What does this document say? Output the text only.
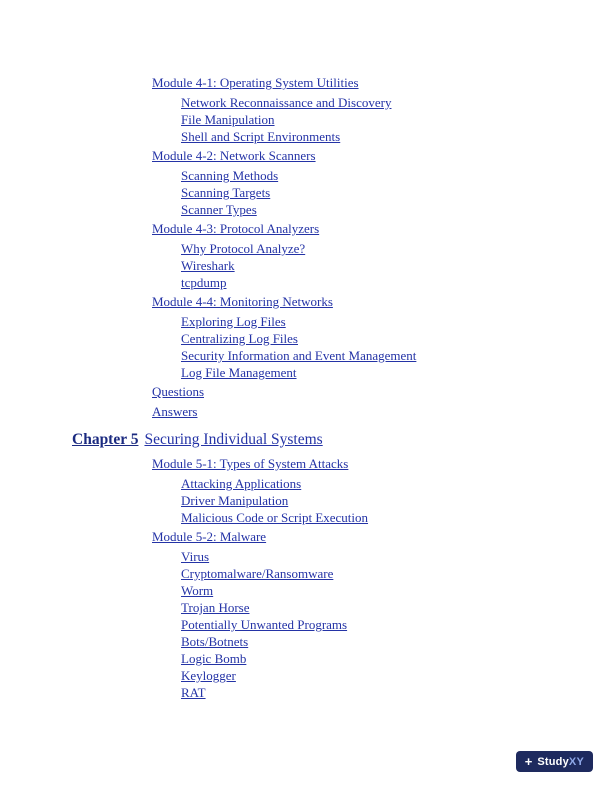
Module 4-1: Operating System Utilities
Network Reconnaissance and Discovery
File Manipulation
Shell and Script Environments
Module 4-2: Network Scanners
Scanning Methods
Scanning Targets
Scanner Types
Module 4-3: Protocol Analyzers
Why Protocol Analyze?
Wireshark
tcpdump
Module 4-4: Monitoring Networks
Exploring Log Files
Centralizing Log Files
Security Information and Event Management
Log File Management
Questions
Answers
Chapter 5 Securing Individual Systems
Module 5-1: Types of System Attacks
Attacking Applications
Driver Manipulation
Malicious Code or Script Execution
Module 5-2: Malware
Virus
Cryptomalware/Ransomware
Worm
Trojan Horse
Potentially Unwanted Programs
Bots/Botnets
Logic Bomb
Keylogger
RAT
+ Study XY
